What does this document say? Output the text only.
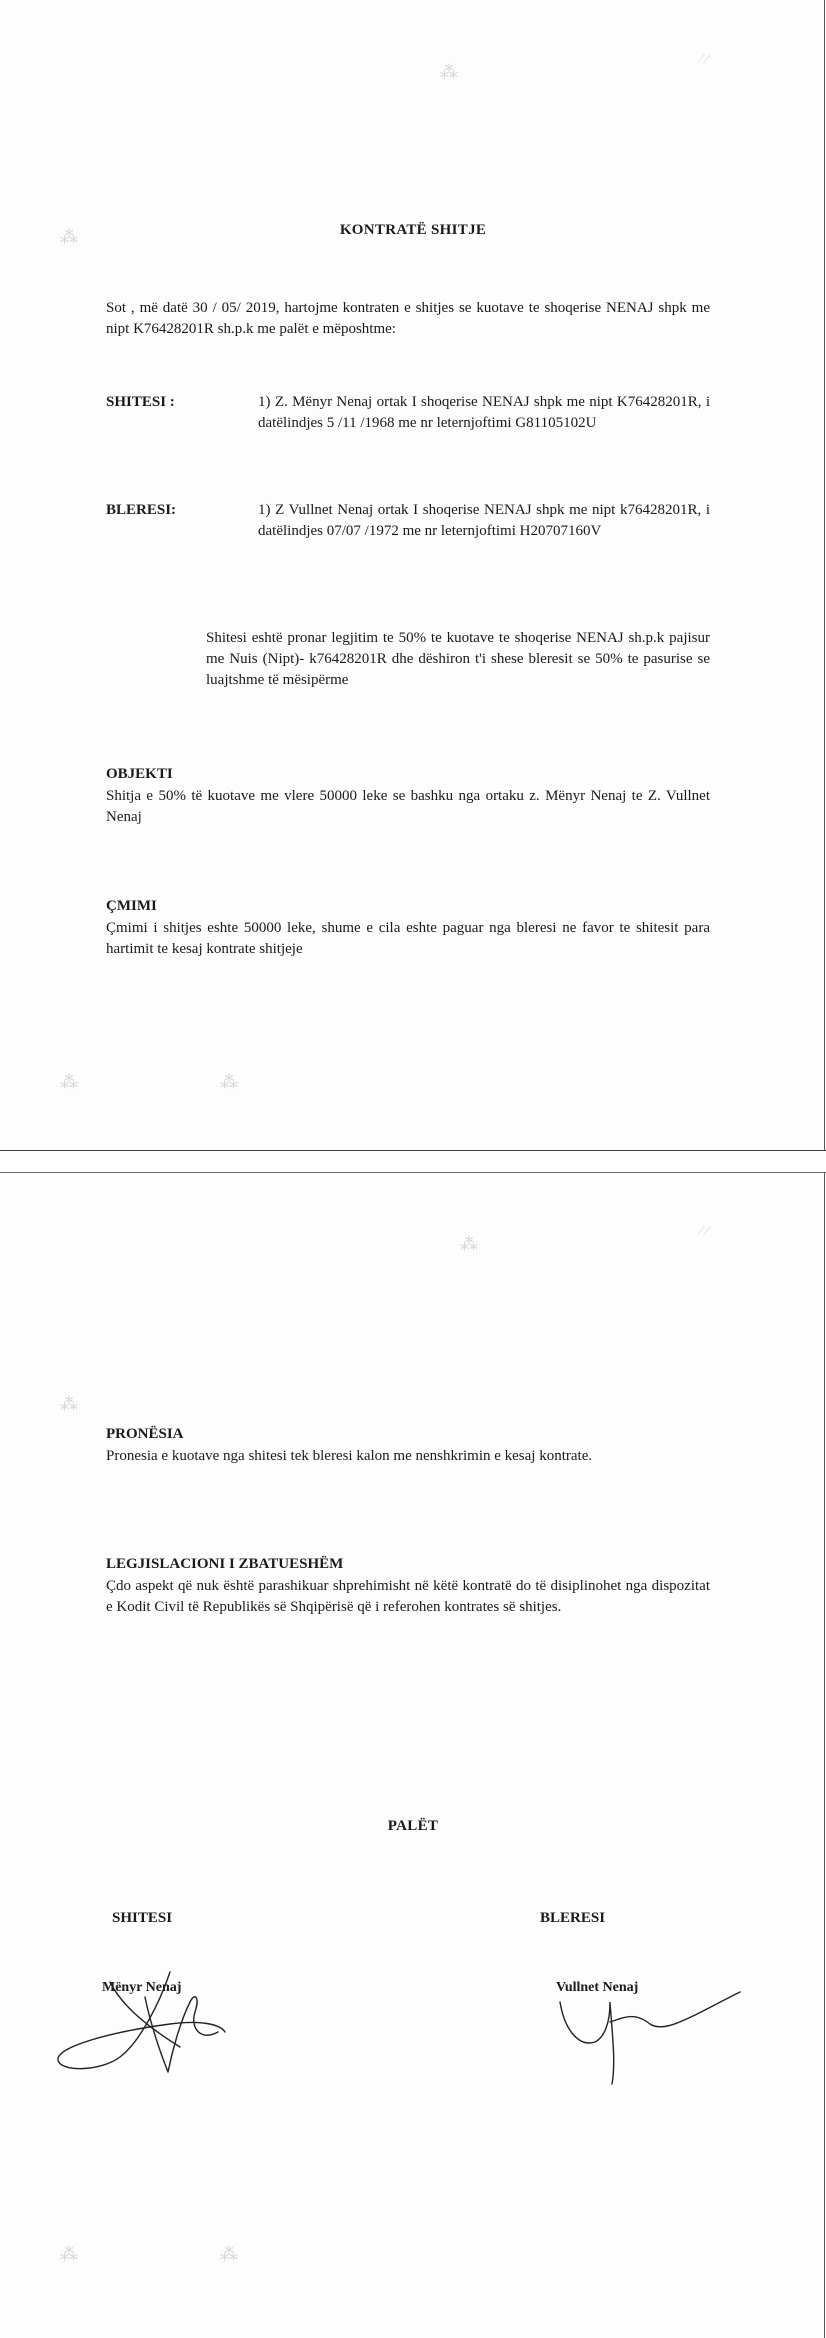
⁂
⁂
⁄ ⁄
KONTRATË SHITJE
Sot , më datë 30 / 05/ 2019, hartojme kontraten e shitjes se kuotave te shoqerise NENAJ shpk me nipt K76428201R sh.p.k me palët e mëposhtme:
SHITESI :	1) Z. Mënyr Nenaj ortak I shoqerise NENAJ shpk me nipt K76428201R, i datëlindjes 5 /11 /1968 me nr leternjoftimi G81105102U
BLERESI:	1) Z Vullnet Nenaj ortak I shoqerise NENAJ shpk me nipt k76428201R, i datëlindjes 07/07 /1972 me nr leternjoftimi H20707160V
Shitesi eshtë pronar legjitim te 50% te kuotave te shoqerise NENAJ sh.p.k pajisur me Nuis (Nipt)- k76428201R dhe dëshiron t'i shese bleresit se 50% te pasurise se luajtshme të mësipërme
OBJEKTI
Shitja e 50% të kuotave me vlere 50000 leke se bashku nga ortaku z. Mënyr Nenaj te Z. Vullnet Nenaj
ÇMIMI
Çmimi i shitjes eshte 50000 leke, shume e cila eshte paguar nga bleresi ne favor te shitesit para hartimit te kesaj kontrate shitjeje
⁂	⁂
⁂
⁂
⁄ ⁄
PRONËSIA
Pronesia e kuotave nga shitesi tek bleresi kalon me nenshkrimin e kesaj kontrate.
LEGJISLACIONI I ZBATUESHËM
Çdo aspekt që nuk është parashikuar shprehimisht në këtë kontratë do të disiplinohet nga dispozitat e Kodit Civil të Republikës së Shqipërisë që i referohen kontrates së shitjes.
PALËT
SHITESI	BLERESI
Mënyr Nenaj	Vullnet Nenaj
⁂	⁂
